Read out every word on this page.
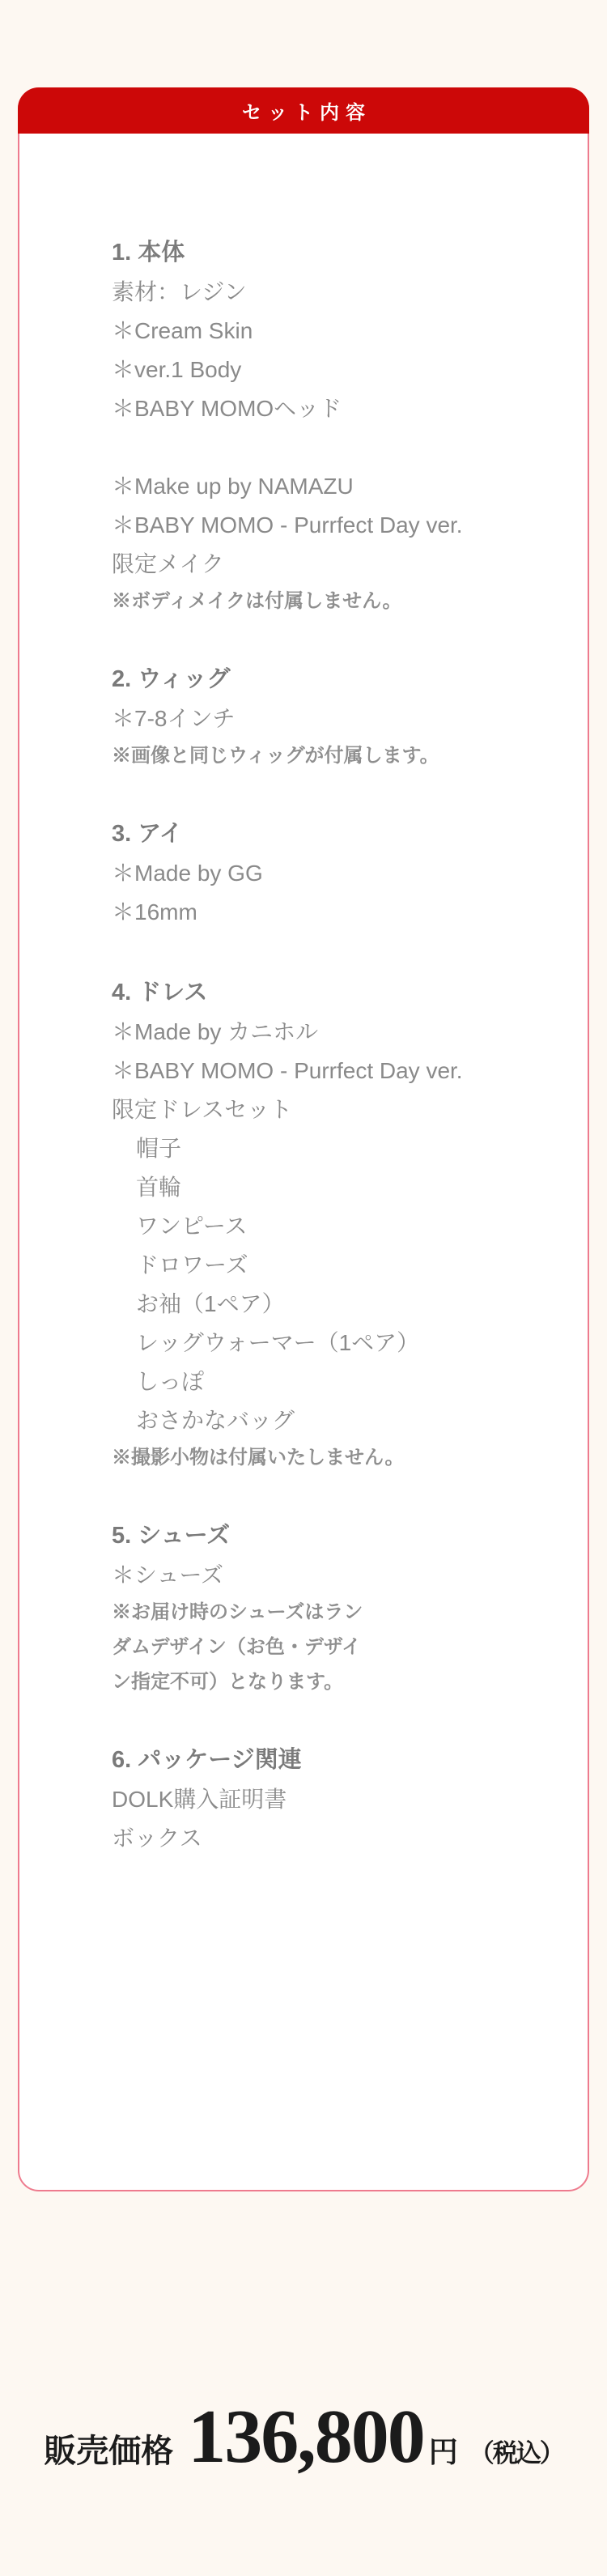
セット内容
1. 本体
素材：レジン
＊Cream Skin
＊ver.1 Body
＊BABY MOMOヘッド
＊Make up by NAMAZU
＊BABY MOMO - Purrfect Day ver.
限定メイク
※ボディメイクは付属しません。
2. ウィッグ
＊7-8インチ
※画像と同じウィッグが付属します。
3. アイ
＊Made by GG
＊16mm
4. ドレス
＊Made by カニホル
＊BABY MOMO - Purrfect Day ver.
限定ドレスセット
帽子
首輪
ワンピース
ドロワーズ
お袖（1ペア）
レッグウォーマー（1ペア）
しっぽ
おさかなバッグ
※撮影小物は付属いたしません。
5. シューズ
＊シューズ
※お届け時のシューズはラン
ダムデザイン（お色・デザイ
ン指定不可）となります。
6. パッケージ関連
DOLK購入証明書
ボックス
販売価格 136,800 円 （税込）
